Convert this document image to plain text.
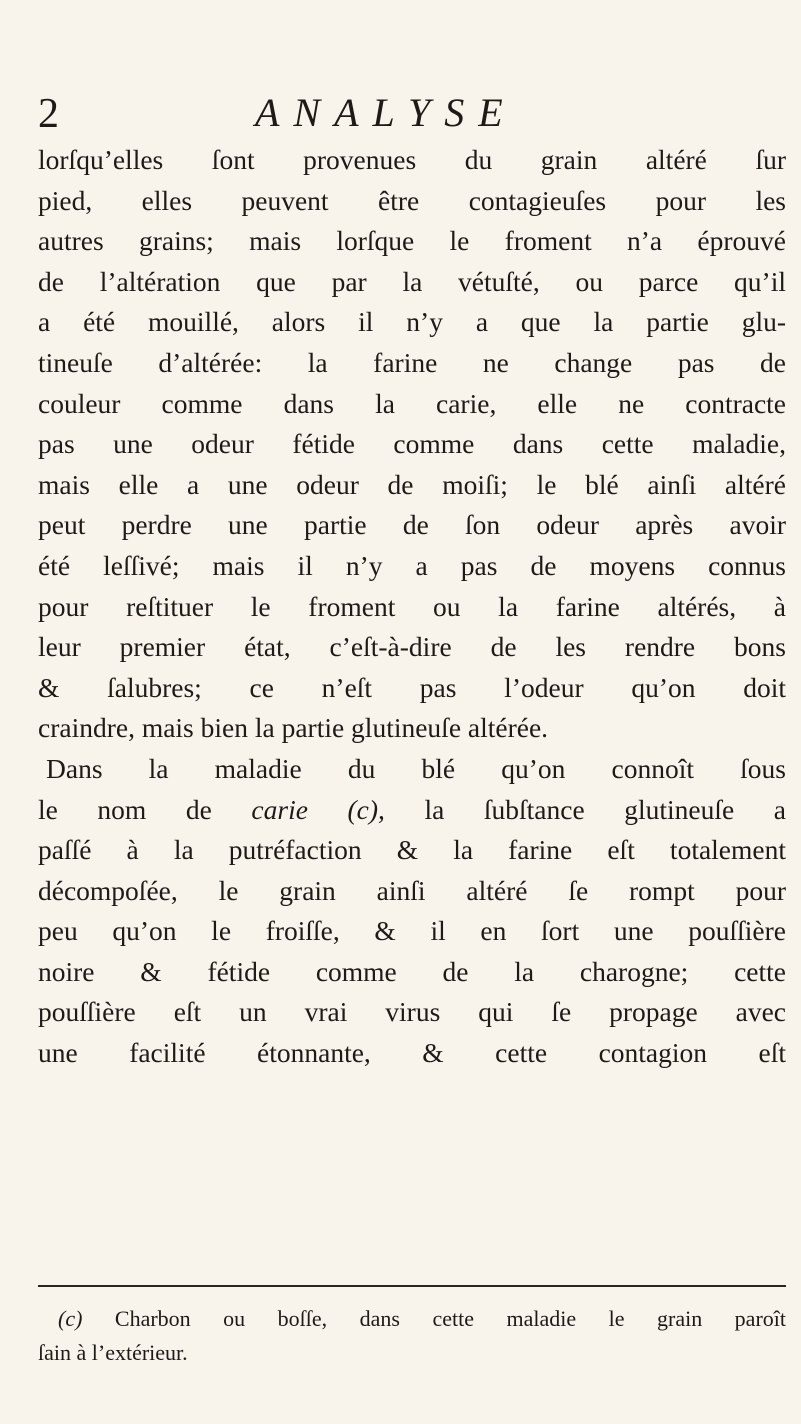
2	ANALYSE
lorſqu’elles ſont provenues du grain altéré ſur
pied, elles peuvent être contagieuſes pour les
autres grains; mais lorſque le froment n’a éprouvé
de l’altération que par la vétuſté, ou parce qu’il
a été mouillé, alors il n’y a que la partie glu-
tineuſe d’altérée: la farine ne change pas de
couleur comme dans la carie, elle ne contracte
pas une odeur fétide comme dans cette maladie,
mais elle a une odeur de moiſi; le blé ainſi altéré
peut perdre une partie de ſon odeur après avoir
été leſſivé; mais il n’y a pas de moyens connus
pour reſtituer le froment ou la farine altérés, à
leur premier état, c’eſt-à-dire de les rendre bons
& ſalubres; ce n’eſt pas l’odeur qu’on doit
craindre, mais bien la partie glutineuſe altérée.
Dans la maladie du blé qu’on connoît ſous
le nom de carie (c), la ſubſtance glutineuſe a
paſſé à la putréfaction & la farine eſt totalement
décompoſée, le grain ainſi altéré ſe rompt pour
peu qu’on le froiſſe, & il en ſort une pouſſière
noire & fétide comme de la charogne; cette
pouſſière eſt un vrai virus qui ſe propage avec
une facilité étonnante, & cette contagion eſt
(c) Charbon ou boſſe, dans cette maladie le grain paroît
ſain à l’extérieur.
